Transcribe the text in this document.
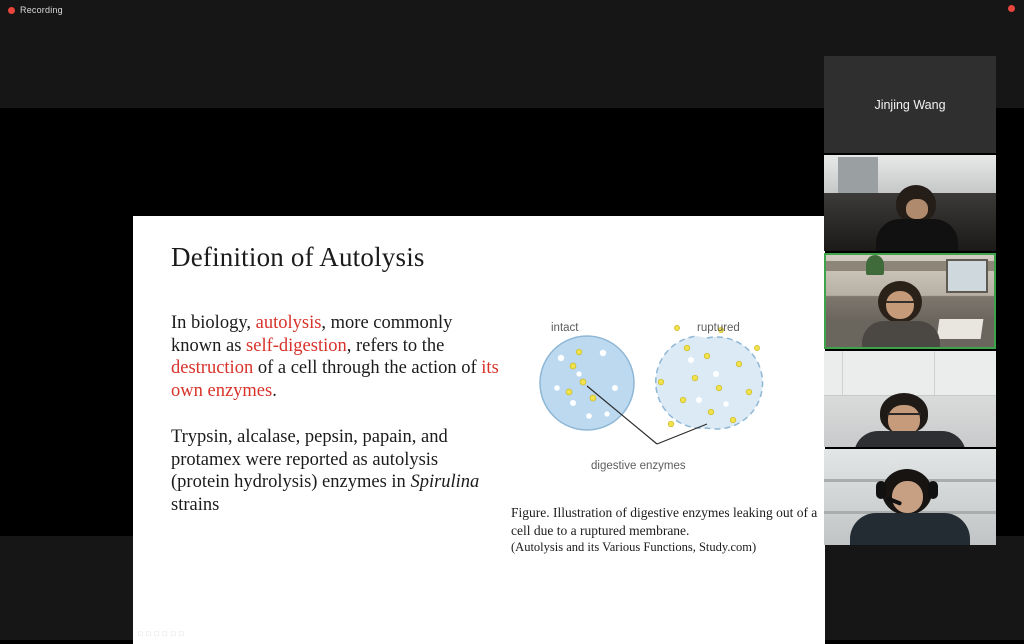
Recording
Definition of Autolysis

In biology, autolysis, more commonly known as self-digestion, refers to the destruction of a cell through the action of its own enzymes.

Trypsin, alcalase, pepsin, papain, and protamex were reported as autolysis (protein hydrolysis) enzymes in Spirulina strains

intact	ruptured
digestive enzymes
Figure. Illustration of digestive enzymes leaking out of a
cell due to a ruptured membrane.
(Autolysis and its Various Functions, Study.com)
□ □ □ □ □ □
Jinjing Wang
